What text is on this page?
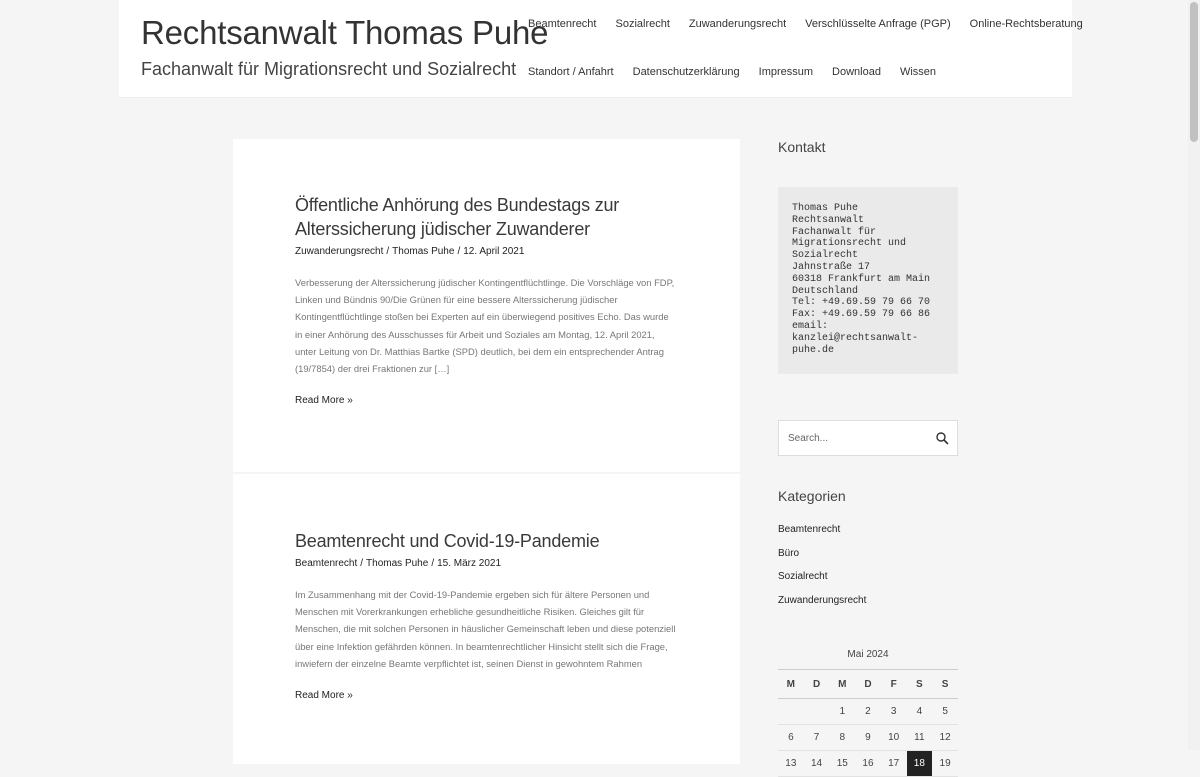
Rechtsanwalt Thomas Puhe

Fachanwalt für Migrationsrecht und Sozialrecht

Beamtenrecht Sozialrecht Zuwanderungsrecht Verschlüsselte Anfrage (PGP) Online-Rechtsberatung
Standort / Anfahrt Datenschutzerklärung Impressum Download Wissen
Öffentliche Anhörung des Bundestags zur Alterssicherung jüdischer Zuwanderer
Zuwanderungsrecht / Thomas Puhe / 12. April 2021
Verbesserung der Alterssicherung jüdischer Kontingentflüchtlinge. Die Vorschläge von FDP, Linken und Bündnis 90/Die Grünen für eine bessere Alterssicherung jüdischer Kontingentflüchtlinge stoßen bei Experten auf ein überwiegend positives Echo. Das wurde in einer Anhörung des Ausschusses für Arbeit und Soziales am Montag, 12. April 2021, unter Leitung von Dr. Matthias Bartke (SPD) deutlich, bei dem ein entsprechender Antrag (19/7854) der drei Fraktionen zur […]
Read More »
Beamtenrecht und Covid-19-Pandemie
Beamtenrecht / Thomas Puhe / 15. März 2021
Im Zusammenhang mit der Covid-19-Pandemie ergeben sich für ältere Personen und Menschen mit Vorerkrankungen erhebliche gesundheitliche Risiken. Gleiches gilt für Menschen, die mit solchen Personen in häuslicher Gemeinschaft leben und diese potenziell über eine Infektion gefährden können. In beamtenrechtlicher Hinsicht stellt sich die Frage, inwiefern der einzelne Beamte verpflichtet ist, seinen Dienst in gewohntem Rahmen
Read More »
Kontakt
Thomas Puhe
Rechtsanwalt
Fachanwalt für
Migrationsrecht und
Sozialrecht
Jahnstraße 17
60318 Frankfurt am Main
Deutschland
Tel: +49.69.59 79 66 70
Fax: +49.69.59 79 66 86
email:
kanzlei@rechtsanwalt-
puhe.de
Search...
Kategorien
Beamtenrecht
Büro
Sozialrecht
Zuwanderungsrecht
Mai 2024
M	D	M	D	F	S	S
		1	2	3	4	5
6	7	8	9	10	11	12
13	14	15	16	17	18	19
